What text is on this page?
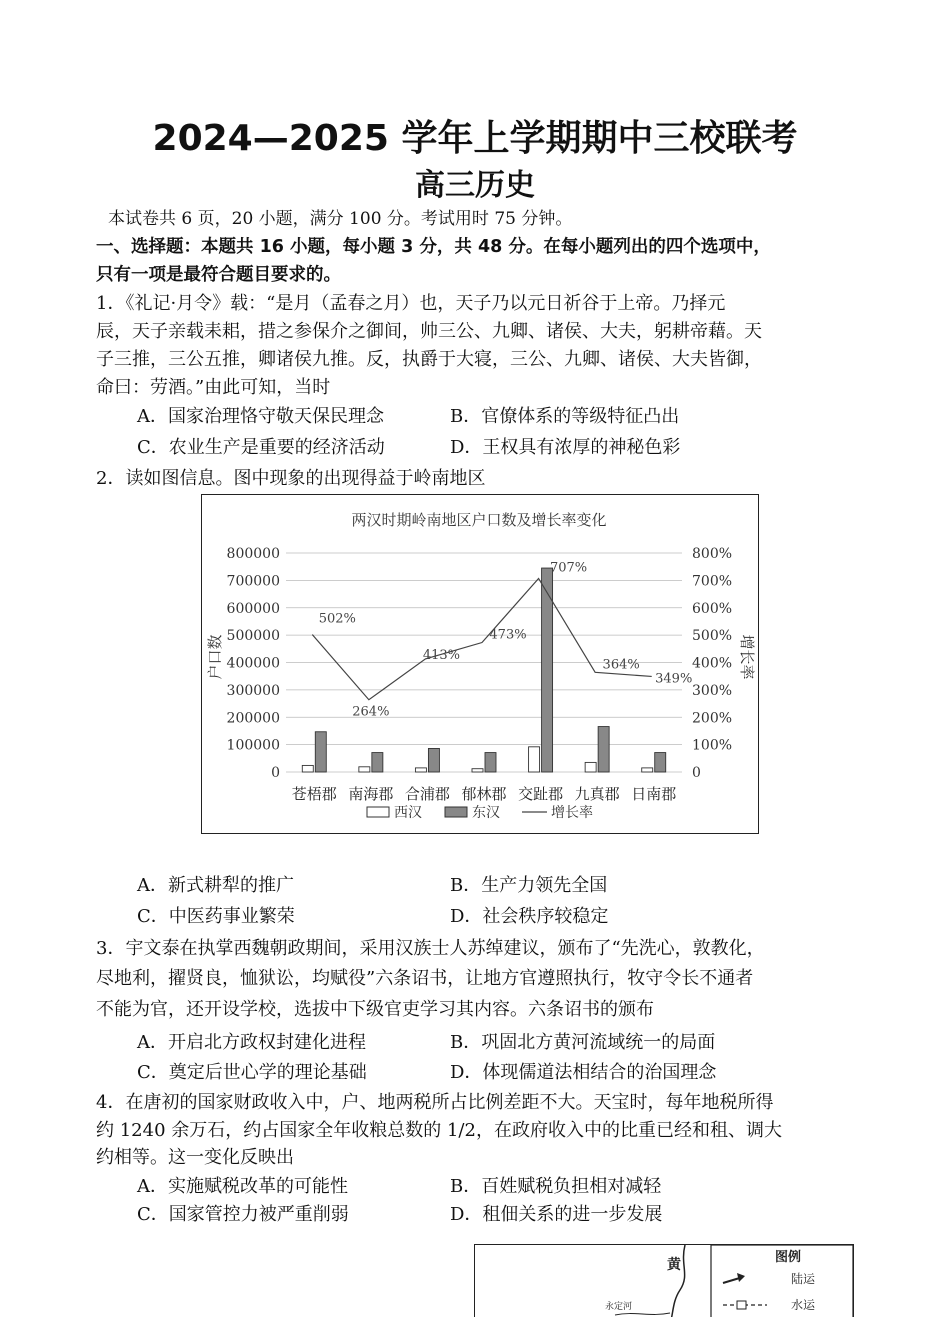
2024—2025 学年上学期期中三校联考
高三历史
本试卷共 6 页，20 小题，满分 100 分。考试用时 75 分钟。
一、选择题：本题共 16 小题，每小题 3 分，共 48 分。在每小题列出的四个选项中，
只有一项是最符合题目要求的。
1．《礼记·月令》载：“是月（孟春之月）也，天子乃以元日祈谷于上帝。乃择元
辰，天子亲载耒耜，措之参保介之御间，帅三公、九卿、诸侯、大夫，躬耕帝藉。天
子三推，三公五推，卿诸侯九推。反，执爵于大寝，三公、九卿、诸侯、大夫皆御，
命曰：劳酒。”由此可知，当时
A．国家治理恪守敬天保民理念	B．官僚体系的等级特征凸出
C．农业生产是重要的经济活动	D．王权具有浓厚的神秘色彩
2．读如图信息。图中现象的出现得益于岭南地区
两汉时期岭南地区户口数及增长率变化
800000
700000
600000
500000
400000
300000
200000
100000
0
800%
700%
600%
500%
400%
300%
200%
100%
0
502%
264%
413%
473%
707%
364%
349%
苍梧郡 南海郡 合浦郡 郁林郡 交趾郡 九真郡 日南郡
户口数	增长率
西汉	东汉	增长率
A．新式耕犁的推广	B．生产力领先全国
C．中医药事业繁荣	D．社会秩序较稳定
3．宇文泰在执掌西魏朝政期间，采用汉族士人苏绰建议，颁布了“先洗心，敦教化，
尽地利，擢贤良，恤狱讼，均赋役”六条诏书，让地方官遵照执行，牧守令长不通者
不能为官，还开设学校，选拔中下级官吏学习其内容。六条诏书的颁布
A．开启北方政权封建化进程	B．巩固北方黄河流域统一的局面
C．奠定后世心学的理论基础	D．体现儒道法相结合的治国理念
4．在唐初的国家财政收入中，户、地两税所占比例差距不大。天宝时，每年地税所得
约 1240 余万石，约占国家全年收粮总数的 1/2，在政府收入中的比重已经和租、调大
约相等。这一变化反映出
A．实施赋税改革的可能性	B．百姓赋税负担相对减轻
C．国家管控力被严重削弱	D．租佃关系的进一步发展
黄
永定河
图例
陆运
水运
